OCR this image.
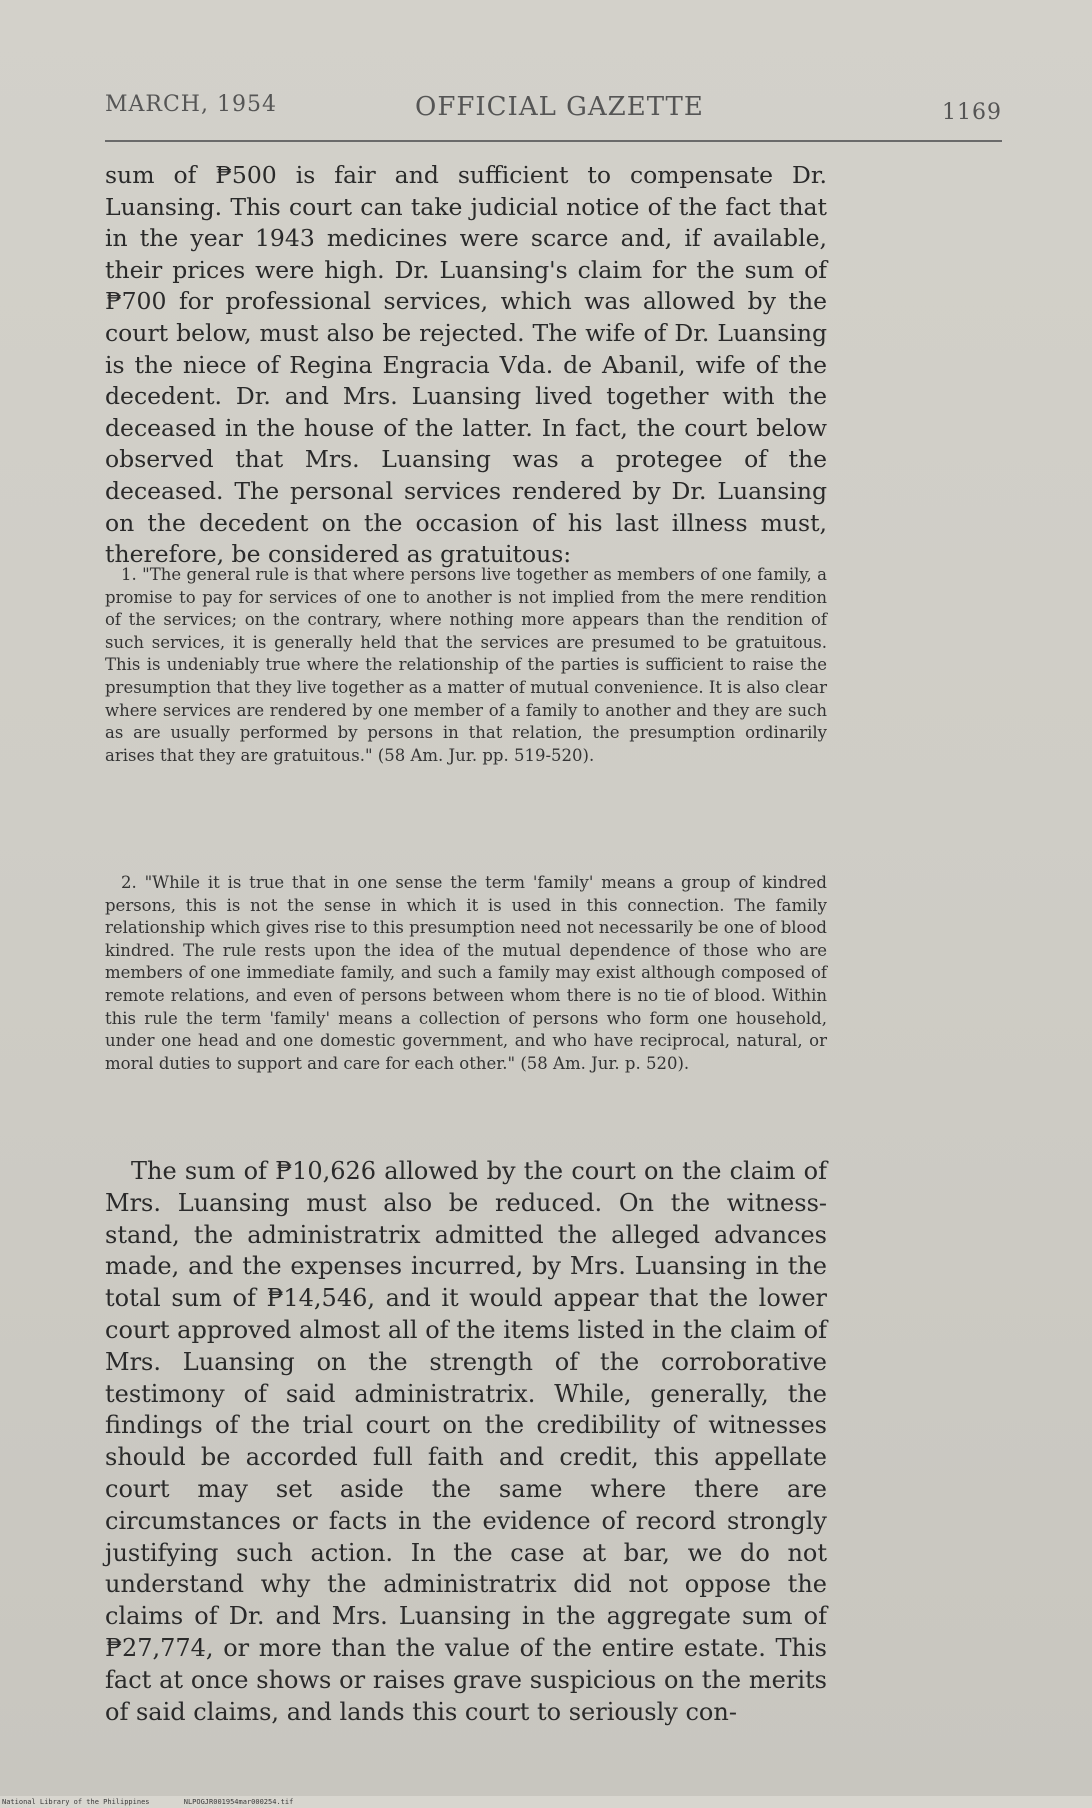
MARCH, 1954	OFFICIAL GAZETTE	1169
sum of ₱500 is fair and sufficient to compensate Dr. Luansing. This court can take judicial notice of the fact that in the year 1943 medicines were scarce and, if available, their prices were high. Dr. Luansing's claim for the sum of ₱700 for professional services, which was allowed by the court below, must also be rejected. The wife of Dr. Luansing is the niece of Regina Engracia Vda. de Abanil, wife of the decedent. Dr. and Mrs. Luansing lived together with the deceased in the house of the latter. In fact, the court below observed that Mrs. Luansing was a protegee of the deceased. The personal services rendered by Dr. Luansing on the decedent on the occasion of his last illness must, therefore, be considered as gratuitous:
1. "The general rule is that where persons live together as members of one family, a promise to pay for services of one to another is not implied from the mere rendition of the services; on the contrary, where nothing more appears than the rendition of such services, it is generally held that the services are presumed to be gratuitous. This is undeniably true where the relationship of the parties is sufficient to raise the presumption that they live together as a matter of mutual convenience. It is also clear where services are rendered by one member of a family to another and they are such as are usually performed by persons in that relation, the presumption ordinarily arises that they are gratuitous." (58 Am. Jur. pp. 519-520).
2. "While it is true that in one sense the term 'family' means a group of kindred persons, this is not the sense in which it is used in this connection. The family relationship which gives rise to this presumption need not necessarily be one of blood kindred. The rule rests upon the idea of the mutual dependence of those who are members of one immediate family, and such a family may exist although composed of remote relations, and even of persons between whom there is no tie of blood. Within this rule the term 'family' means a collection of persons who form one household, under one head and one domestic government, and who have reciprocal, natural, or moral duties to support and care for each other." (58 Am. Jur. p. 520).
The sum of ₱10,626 allowed by the court on the claim of Mrs. Luansing must also be reduced. On the witness-stand, the administratrix admitted the alleged advances made, and the expenses incurred, by Mrs. Luansing in the total sum of ₱14,546, and it would appear that the lower court approved almost all of the items listed in the claim of Mrs. Luansing on the strength of the corroborative testimony of said administratrix. While, generally, the findings of the trial court on the credibility of witnesses should be accorded full faith and credit, this appellate court may set aside the same where there are circumstances or facts in the evidence of record strongly justifying such action. In the case at bar, we do not understand why the administratrix did not oppose the claims of Dr. and Mrs. Luansing in the aggregate sum of ₱27,774, or more than the value of the entire estate. This fact at once shows or raises grave suspicious on the merits of said claims, and lands this court to seriously con-
National Library of the Philippines	NLPOGJR001954mar000254.tif
